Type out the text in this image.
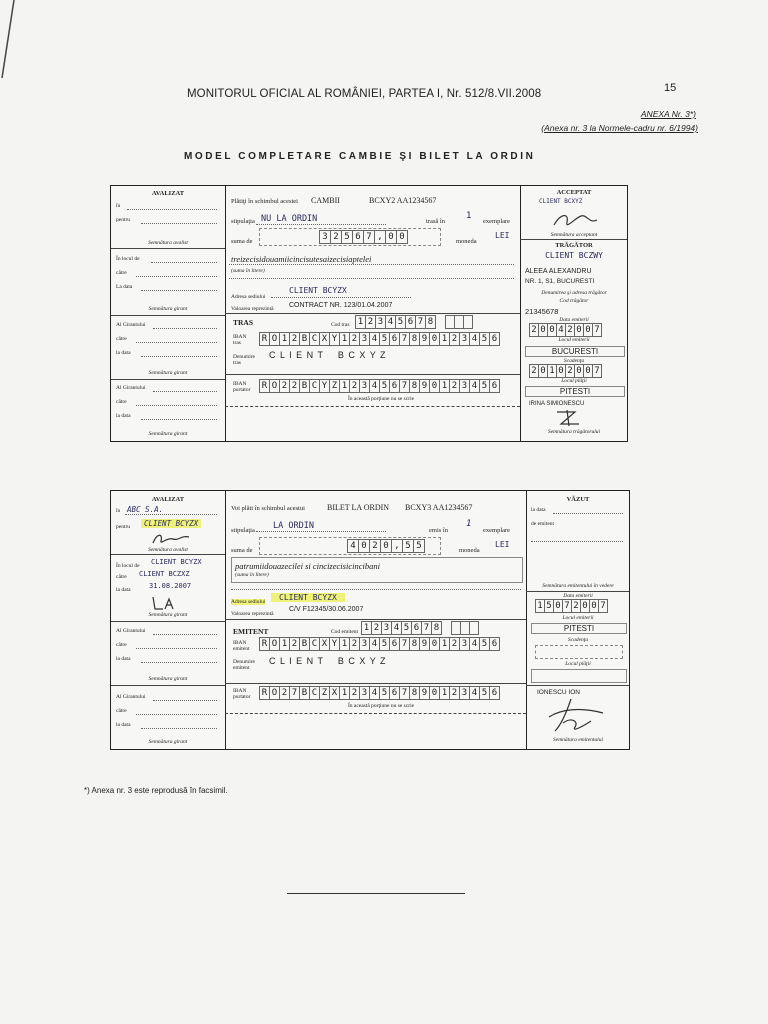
MONITORUL OFICIAL AL ROMÂNIEI, PARTEA I, Nr. 512/8.VII.2008	15
ANEXA Nr. 3*)
(Anexa nr. 3 la Normele-cadru nr. 6/1994)
MODEL COMPLETARE CAMBIE ŞI BILET LA ORDIN
AVALIZAT
în
pentru
Semnătura avalist
În locul de
către
La data
Semnătura girant
Al Girantului
către
la data
Semnătura girant
Al Girantului
către
la data
Semnătura girant
Plătiţi în schimbul acestei CAMBII	BCXY2 AA1234567
stipulaţia NU LA ORDIN	trasă în
1
exemplare
suma de	3 2 5 6 7 , 0 0	moneda
LEI
treizecisidouamiicincisutesaizecisiaptelei
(suma în litere)
Adresa sediului
CLIENT BCYZX
Valoarea reprezintă CONTRACT NR. 123/01.04.2007
TRAS	Cod tras 1 2 3 4 5 6 7 8
IBAN tras	R O 1 2 B C X Y 1 2 3 4 5 6 7 8 9 0 1 2 3 4 5 6
Denumire tras
C L I E N T    B C X Y Z
IBAN purtator	R O 2 2 B C Y Z 1 2 3 4 5 6 7 8 9 0 1 2 3 4 5 6
În această porţiune nu se scrie
ACCEPTAT
CLIENT BCXYZ
Semnătura acceptant
TRĂGĂTOR
CLIENT BCZWY
ALEEA ALEXANDRU
NR. 1, S1, BUCURESTI
Denumirea şi adresa trăgător
Cod trăgător
21345678
Data emiterii
2 0 0 4 2 0 0 7
Locul emiterii
BUCURESTI
Scadenţa
2 0 1 0 2 0 0 7
Locul plăţii
PITESTI
IRINA SIMIONESCU
Semnătura trăgătorului
AVALIZAT
în ABC S.A.
pentru	CLIENT BCYZX
Semnătura avalist
În locul de CLIENT BCYZX
către CLIENT BCZXZ
la data	31.08.2007
Semnătura girant
Al Girantului
către
la data
Semnătura girant
Al Girantului
către
la data
Semnătura girant
Voi plăti în schimbul acestui	BILET LA ORDIN BCXY3 AA1234567
stipulaţia LA ORDIN	emis în
1
exemplare
suma de	4 0 2 0 , 5 5	moneda
LEI
patrumiidouazecilei si cincizecisicincibani
(suma în litere)
Adresa sediului	CLIENT BCYZX
Valoarea reprezintă
C/V F12345/30.06.2007
EMITENT	Cod emitent 1 2 3 4 5 6 7 8
IBAN emitent	R O 1 2 B C X Y 1 2 3 4 5 6 7 8 9 0 1 2 3 4 5 6
Denumire emitent
C L I E N T    B C X Y Z
IBAN purtator	R O 2 7 B C Z X 1 2 3 4 5 6 7 8 9 0 1 2 3 4 5 6
În această porţiune nu se scrie
VĂZUT
la data
de emitent
Semnătura emitentului în vedere
Data emiterii
1 5 0 7 2 0 0 7
Locul emiterii
PITESTI
Scadenţa
Locul plăţii
IONESCU ION
Semnătura emitentului
*) Anexa nr. 3 este reprodusă în facsimil.
